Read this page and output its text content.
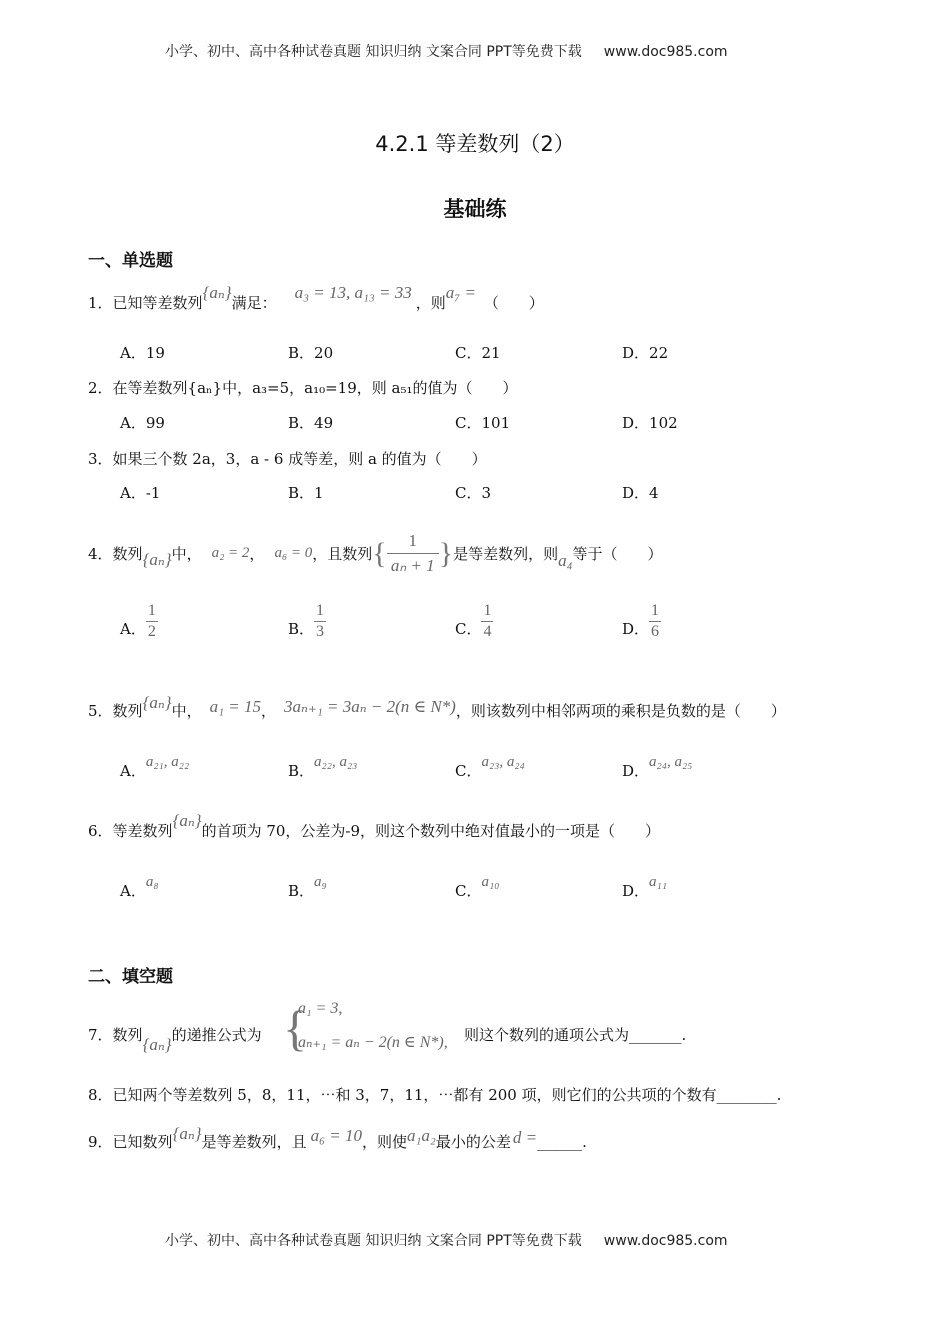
小学、初中、高中各种试卷真题 知识归纳 文案合同 PPT等免费下载 www.doc985.com
4.2.1 等差数列（2）
基础练
一、单选题
1．已知等差数列{aₙ}满足：a₃ = 13, a₁₃ = 33，则a₇ =（　　）
A．19	B．20	C．21	D．22
2．在等差数列{aₙ}中，a₃=5，a₁₀=19，则 a₅₁的值为（　　）
A．99	B．49	C．101	D．102
3．如果三个数 2a，3，a - 6 成等差，则 a 的值为（　　）
A．-1	B．1	C．3	D．4
4． 数列 {aₙ} 中， a₂ = 2 ， a₆ = 0 ，且数列 { $\frac{1}{\text{aₙ + 1}}$ } 是等差数列，则 a₄ 等于（　　）
A． $\frac{1}{2}$	B． $\frac{1}{3}$	C． $\frac{1}{4}$	D． $\frac{1}{6}$
5．数列{aₙ}中， a₁ = 15， 3aₙ₊₁ = 3aₙ − 2(n ∈ N*)，则该数列中相邻两项的乘积是负数的是（　　）
A．a₂₁, a₂₂	B．a₂₂, a₂₃	C．a₂₃, a₂₄	D．a₂₄, a₂₅
6．等差数列{aₙ}的首项为 70，公差为-9，则这个数列中绝对值最小的一项是（　　）
A．a₈	B．a₉	C．a₁₀	D．a₁₁
二、填空题
7．数列{aₙ}的递推公式为 {
a₁ = 3,
aₙ₊₁ = aₙ − 2(n ∈ N*), 则这个数列的通项公式为_______.
8．已知两个等差数列 5，8，11，⋯和 3，7，11，⋯都有 200 项，则它们的公共项的个数有________.
9．已知数列{aₙ}是等差数列，且 a₆ = 10，则使a₁a₂最小的公差 d =______.
小学、初中、高中各种试卷真题 知识归纳 文案合同 PPT等免费下载 www.doc985.com
